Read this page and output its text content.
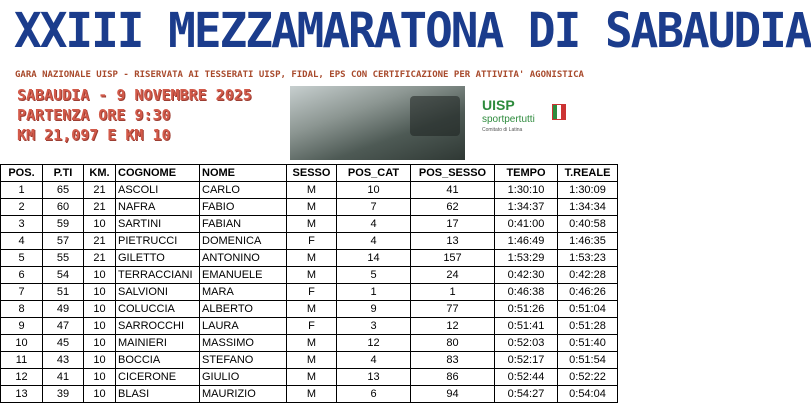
XXIII MEZZAMARATONA DI SABAUDIA
GARA NAZIONALE UISP - RISERVATA AI TESSERATI UISP, FIDAL, EPS CON CERTIFICAZIONE PER ATTIVITA' AGONISTICA
SABAUDIA - 9 NOVEMBRE 2025
PARTENZA ORE 9:30
KM 21,097 E KM 10
UISP
sportpertutti
Comitato di Latina
POS.	P.TI	KM.	COGNOME	NOME	SESSO	POS_CAT	POS_SESSO	TEMPO	T.REALE
1	65	21	ASCOLI	CARLO	M	10	41	1:30:10	1:30:09
2	60	21	NAFRA	FABIO	M	7	62	1:34:37	1:34:34
3	59	10	SARTINI	FABIAN	M	4	17	0:41:00	0:40:58
4	57	21	PIETRUCCI	DOMENICA	F	4	13	1:46:49	1:46:35
5	55	21	GILETTO	ANTONINO	M	14	157	1:53:29	1:53:23
6	54	10	TERRACCIANI	EMANUELE	M	5	24	0:42:30	0:42:28
7	51	10	SALVIONI	MARA	F	1	1	0:46:38	0:46:26
8	49	10	COLUCCIA	ALBERTO	M	9	77	0:51:26	0:51:04
9	47	10	SARROCCHI	LAURA	F	3	12	0:51:41	0:51:28
10	45	10	MAINIERI	MASSIMO	M	12	80	0:52:03	0:51:40
11	43	10	BOCCIA	STEFANO	M	4	83	0:52:17	0:51:54
12	41	10	CICERONE	GIULIO	M	13	86	0:52:44	0:52:22
13	39	10	BLASI	MAURIZIO	M	6	94	0:54:27	0:54:04
